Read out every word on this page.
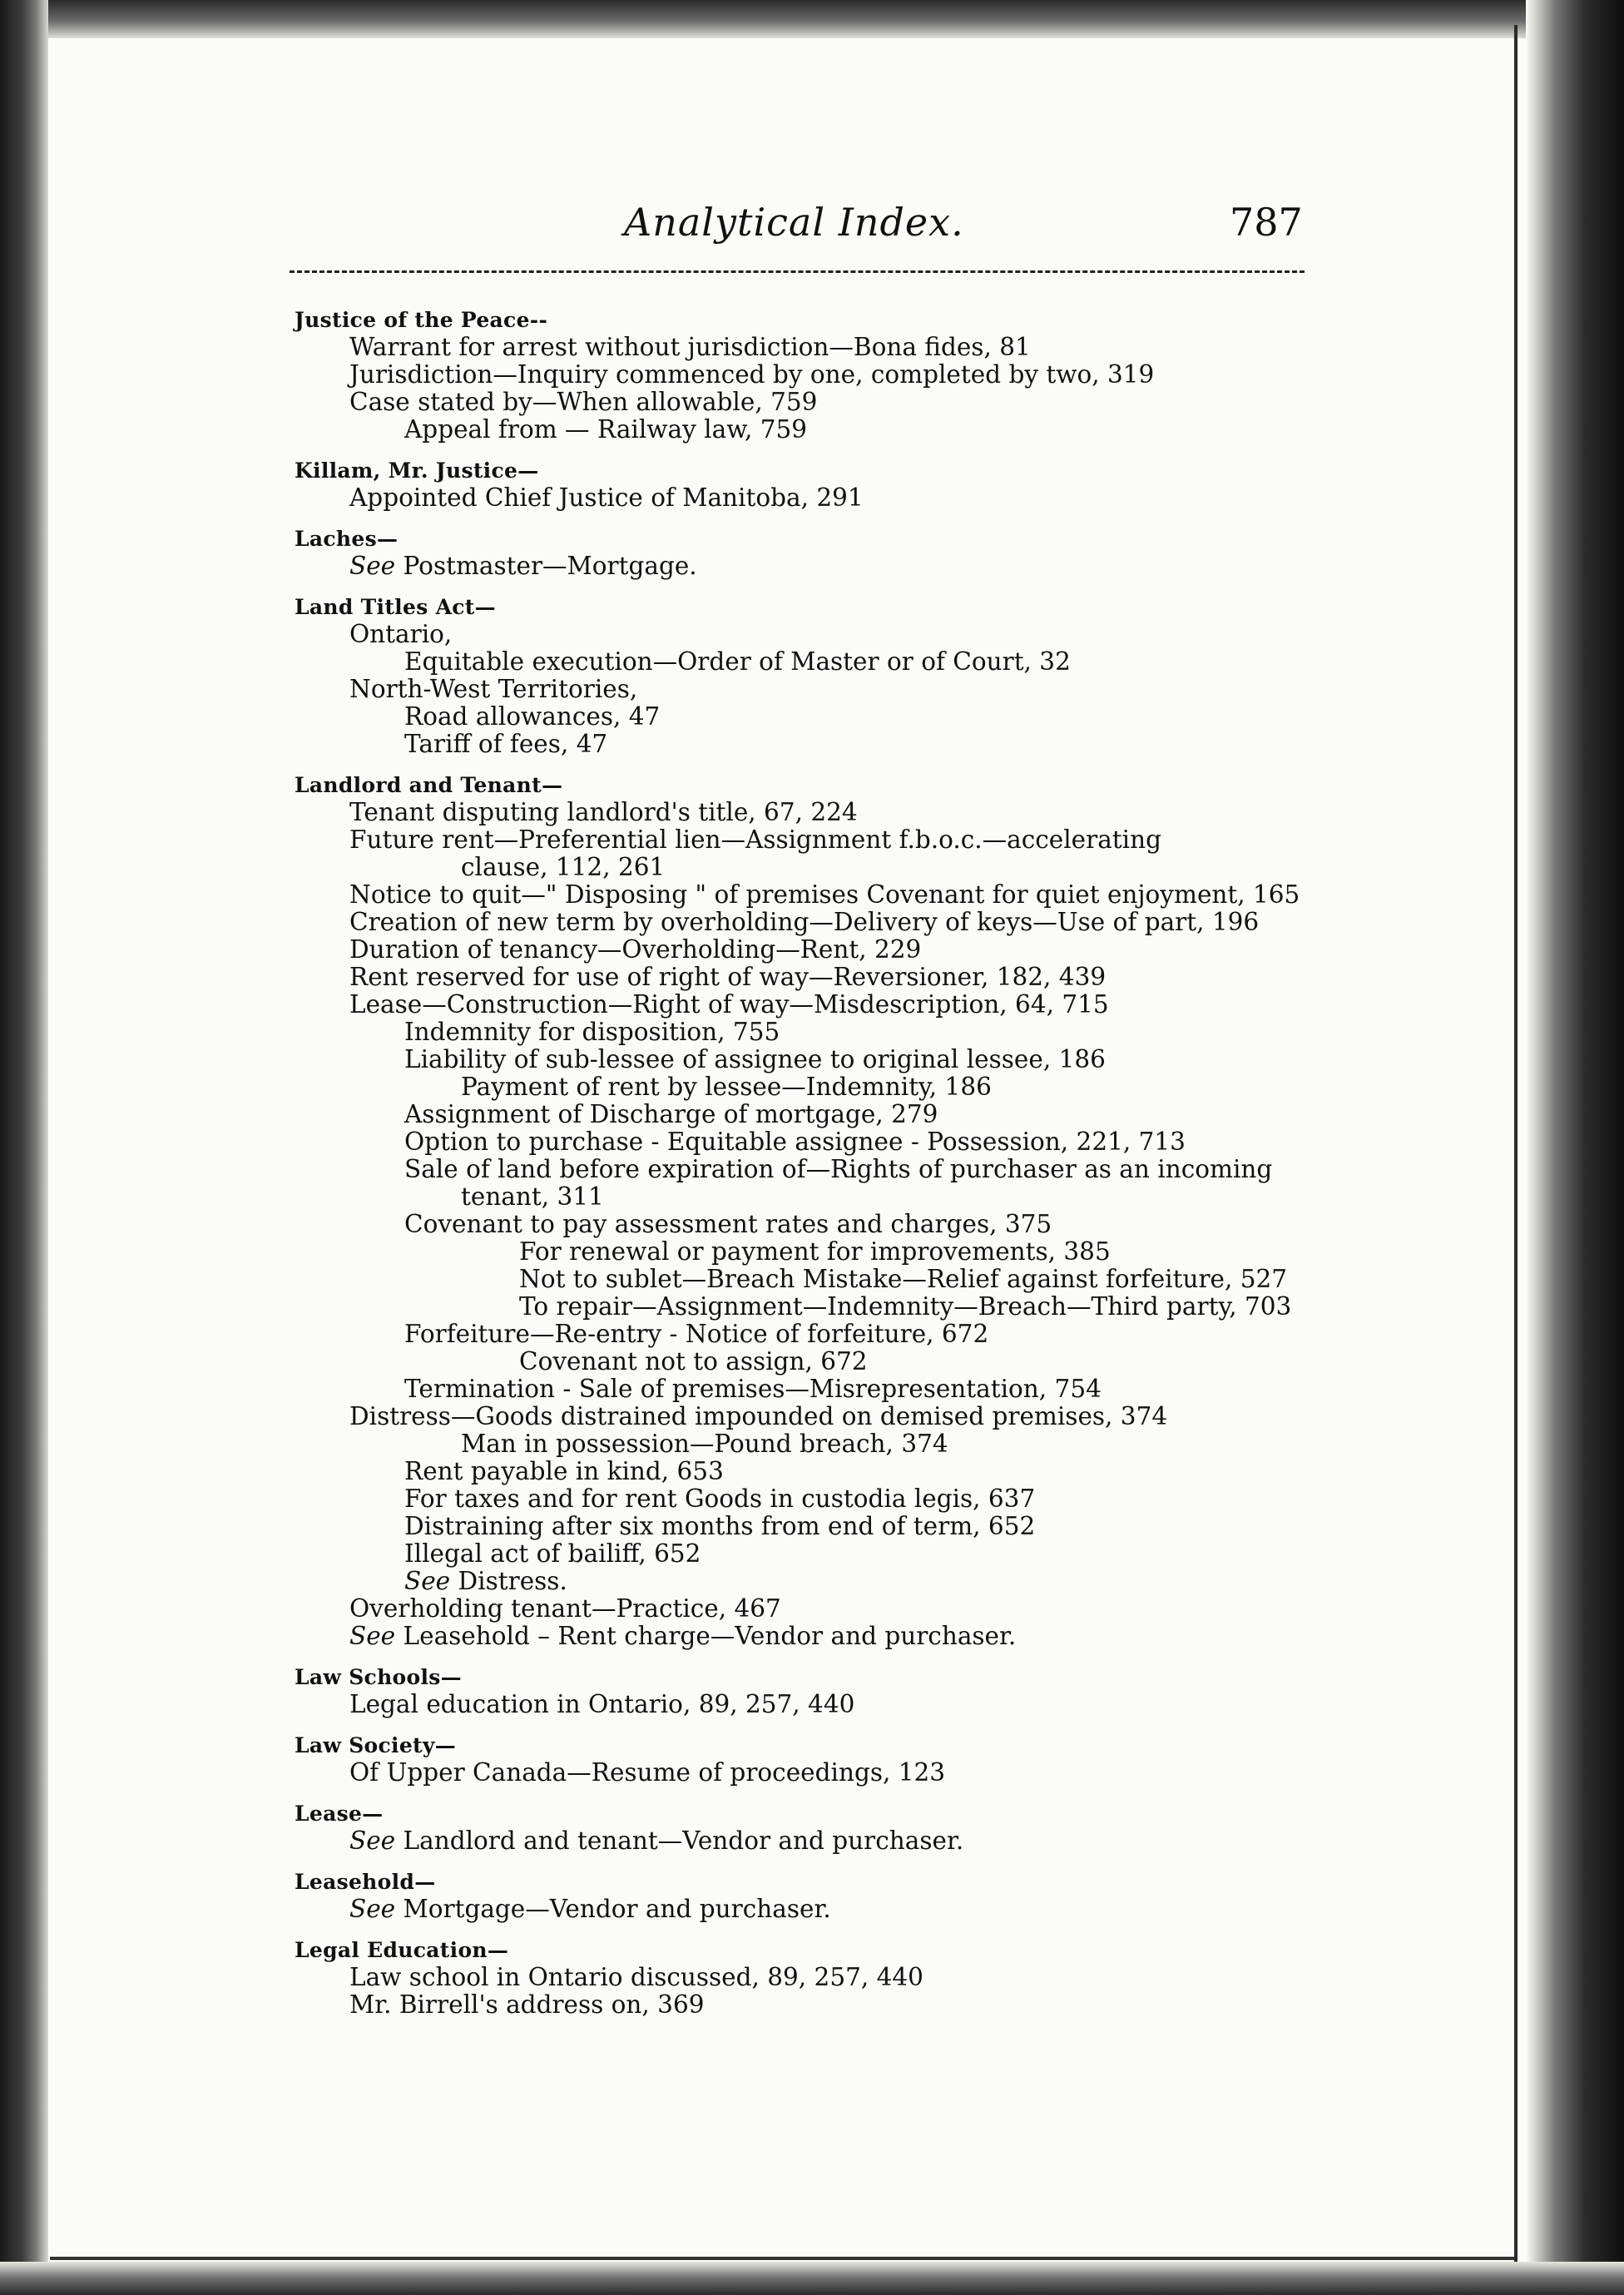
Analytical Index.	787
Justice of the Peace--
Warrant for arrest without jurisdiction—Bona fides, 81
Jurisdiction—Inquiry commenced by one, completed by two, 319
Case stated by—When allowable, 759
Appeal from — Railway law, 759
Killam, Mr. Justice—
Appointed Chief Justice of Manitoba, 291
Laches—
See Postmaster—Mortgage.
Land Titles Act—
Ontario,
Equitable execution—Order of Master or of Court, 32
North-West Territories,
Road allowances, 47
Tariff of fees, 47
Landlord and Tenant—
Tenant disputing landlord's title, 67, 224
Future rent—Preferential lien—Assignment f.b.o.c.—accelerating
clause, 112, 261
Notice to quit—" Disposing " of premises Covenant for quiet enjoyment, 165
Creation of new term by overholding—Delivery of keys—Use of part, 196
Duration of tenancy—Overholding—Rent, 229
Rent reserved for use of right of way—Reversioner, 182, 439
Lease—Construction—Right of way—Misdescription, 64, 715
Indemnity for disposition, 755
Liability of sub-lessee of assignee to original lessee, 186
Payment of rent by lessee—Indemnity, 186
Assignment of Discharge of mortgage, 279
Option to purchase - Equitable assignee - Possession, 221, 713
Sale of land before expiration of—Rights of purchaser as an incoming
tenant, 311
Covenant to pay assessment rates and charges, 375
For renewal or payment for improvements, 385
Not to sublet—Breach Mistake—Relief against forfeiture, 527
To repair—Assignment—Indemnity—Breach—Third party, 703
Forfeiture—Re-entry - Notice of forfeiture, 672
Covenant not to assign, 672
Termination - Sale of premises—Misrepresentation, 754
Distress—Goods distrained impounded on demised premises, 374
Man in possession—Pound breach, 374
Rent payable in kind, 653
For taxes and for rent Goods in custodia legis, 637
Distraining after six months from end of term, 652
Illegal act of bailiff, 652
See Distress.
Overholding tenant—Practice, 467
See Leasehold – Rent charge—Vendor and purchaser.
Law Schools—
Legal education in Ontario, 89, 257, 440
Law Society—
Of Upper Canada—Resume of proceedings, 123
Lease—
See Landlord and tenant—Vendor and purchaser.
Leasehold—
See Mortgage—Vendor and purchaser.
Legal Education—
Law school in Ontario discussed, 89, 257, 440
Mr. Birrell's address on, 369
